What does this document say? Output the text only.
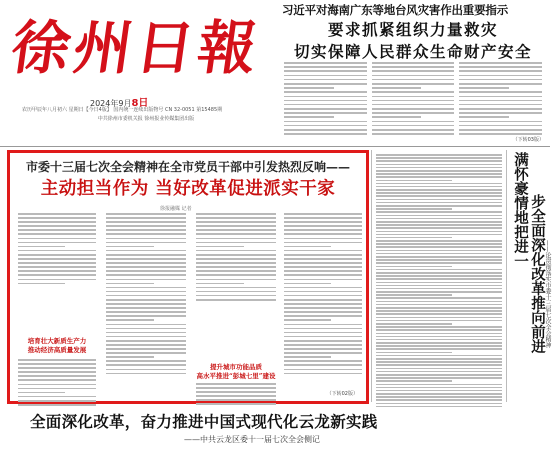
徐州日報
2024年9月8日
农历甲辰年八月初六 星期日【今日4版】 国内统一连续出版物号 CN 32-0051 第15485期
中共徐州市委机关报 徐州报业传媒集团出版
习近平对海南广东等地台风灾害作出重要指示
要求抓紧组织力量救灾
切实保障人民群众生命财产安全
（下转03版）
市委十三届七次全会精神在全市党员干部中引发热烈反响——
主动担当作为 当好改革促进派实干家
徐报融媒 记者
培育壮大新质生产力
推动经济高质量发展
提升城市功能品质
高水平推进“彭城七里”建设
（下转02版）
满怀豪情地把进一 步全面深化改革推向前进
——论贯彻落实市委十三届七次全会精神
全面深化改革，奋力推进中国式现代化云龙新实践
——中共云龙区委十一届七次全会侧记
